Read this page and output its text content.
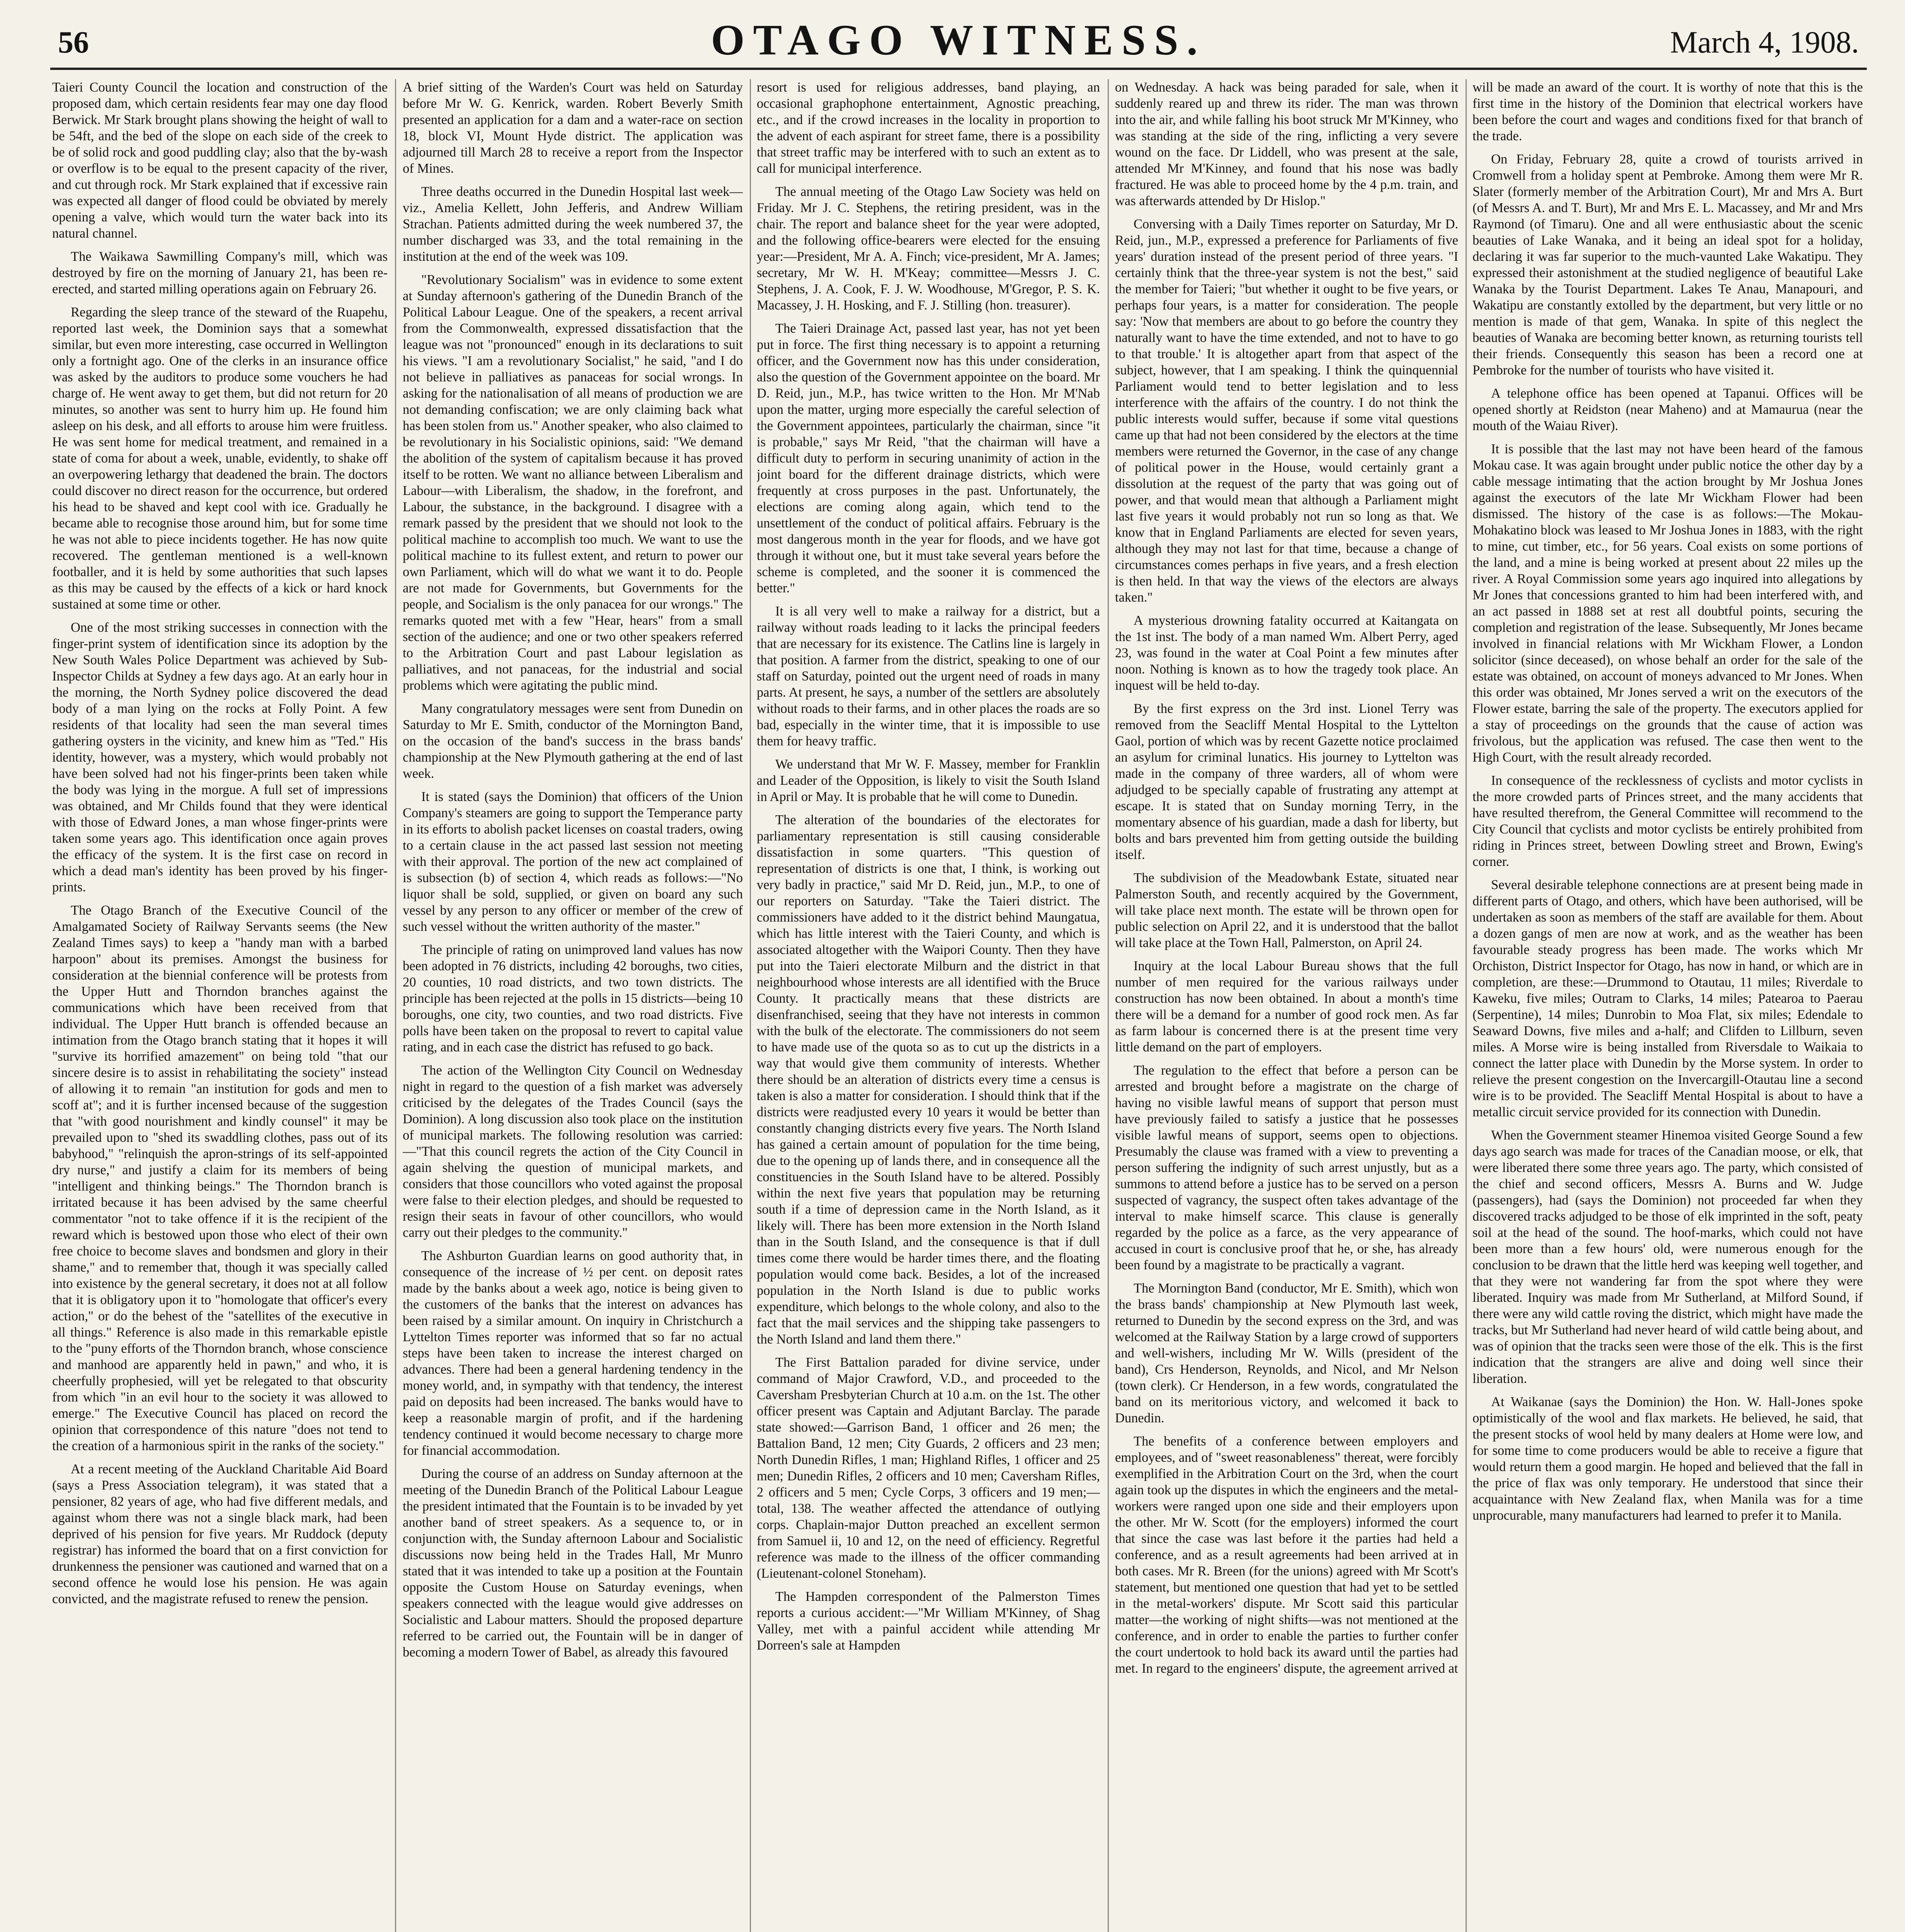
56	OTAGO WITNESS.	March 4, 1908.

Taieri County Council the location and construction of the proposed dam, which certain residents fear may one day flood Berwick. Mr Stark brought plans showing the height of wall to be 54ft, and the bed of the slope on each side of the creek to be of solid rock and good puddling clay; also that the by-wash or overflow is to be equal to the present capacity of the river, and cut through rock. Mr Stark explained that if excessive rain was expected all danger of flood could be obviated by merely opening a valve, which would turn the water back into its natural channel.

The Waikawa Sawmilling Company's mill, which was destroyed by fire on the morning of January 21, has been re-erected, and started milling operations again on February 26.

Regarding the sleep trance of the steward of the Ruapehu, reported last week, the Dominion says that a somewhat similar, but even more interesting, case occurred in Wellington only a fortnight ago. One of the clerks in an insurance office was asked by the auditors to produce some vouchers he had charge of. He went away to get them, but did not return for 20 minutes, so another was sent to hurry him up. He found him asleep on his desk, and all efforts to arouse him were fruitless. He was sent home for medical treatment, and remained in a state of coma for about a week, unable, evidently, to shake off an overpowering lethargy that deadened the brain. The doctors could discover no direct reason for the occurrence, but ordered his head to be shaved and kept cool with ice. Gradually he became able to recognise those around him, but for some time he was not able to piece incidents together. He has now quite recovered. The gentleman mentioned is a well-known footballer, and it is held by some authorities that such lapses as this may be caused by the effects of a kick or hard knock sustained at some time or other.

One of the most striking successes in connection with the finger-print system of identification since its adoption by the New South Wales Police Department was achieved by Sub-Inspector Childs at Sydney a few days ago. At an early hour in the morning, the North Sydney police discovered the dead body of a man lying on the rocks at Folly Point. A few residents of that locality had seen the man several times gathering oysters in the vicinity, and knew him as "Ted." His identity, however, was a mystery, which would probably not have been solved had not his finger-prints been taken while the body was lying in the morgue. A full set of impressions was obtained, and Mr Childs found that they were identical with those of Edward Jones, a man whose finger-prints were taken some years ago. This identification once again proves the efficacy of the system. It is the first case on record in which a dead man's identity has been proved by his finger-prints.

The Otago Branch of the Executive Council of the Amalgamated Society of Railway Servants seems (the New Zealand Times says) to keep a "handy man with a barbed harpoon" about its premises. Amongst the business for consideration at the biennial conference will be protests from the Upper Hutt and Thorndon branches against the communications which have been received from that individual. The Upper Hutt branch is offended because an intimation from the Otago branch stating that it hopes it will "survive its horrified amazement" on being told "that our sincere desire is to assist in rehabilitating the society" instead of allowing it to remain "an institution for gods and men to scoff at"; and it is further incensed because of the suggestion that "with good nourishment and kindly counsel" it may be prevailed upon to "shed its swaddling clothes, pass out of its babyhood," "relinquish the apron-strings of its self-appointed dry nurse," and justify a claim for its members of being "intelligent and thinking beings." The Thorndon branch is irritated because it has been advised by the same cheerful commentator "not to take offence if it is the recipient of the reward which is bestowed upon those who elect of their own free choice to become slaves and bondsmen and glory in their shame," and to remember that, though it was specially called into existence by the general secretary, it does not at all follow that it is obligatory upon it to "homologate that officer's every action," or do the behest of the "satellites of the executive in all things." Reference is also made in this remarkable epistle to the "puny efforts of the Thorndon branch, whose conscience and manhood are apparently held in pawn," and who, it is cheerfully prophesied, will yet be relegated to that obscurity from which "in an evil hour to the society it was allowed to emerge." The Executive Council has placed on record the opinion that correspondence of this nature "does not tend to the creation of a harmonious spirit in the ranks of the society."

At a recent meeting of the Auckland Charitable Aid Board (says a Press Association telegram), it was stated that a pensioner, 82 years of age, who had five different medals, and against whom there was not a single black mark, had been deprived of his pension for five years. Mr Ruddock (deputy registrar) has informed the board that on a first conviction for drunkenness the pensioner was cautioned and warned that on a second offence he would lose his pension. He was again convicted, and the magistrate refused to renew the pension.

A brief sitting of the Warden's Court was held on Saturday before Mr W. G. Kenrick, warden. Robert Beverly Smith presented an application for a dam and a water-race on section 18, block VI, Mount Hyde district. The application was adjourned till March 28 to receive a report from the Inspector of Mines.

Three deaths occurred in the Dunedin Hospital last week—viz., Amelia Kellett, John Jefferis, and Andrew William Strachan. Patients admitted during the week numbered 37, the number discharged was 33, and the total remaining in the institution at the end of the week was 109.

"Revolutionary Socialism" was in evidence to some extent at Sunday afternoon's gathering of the Dunedin Branch of the Political Labour League. One of the speakers, a recent arrival from the Commonwealth, expressed dissatisfaction that the league was not "pronounced" enough in its declarations to suit his views. "I am a revolutionary Socialist," he said, "and I do not believe in palliatives as panaceas for social wrongs. In asking for the nationalisation of all means of production we are not demanding confiscation; we are only claiming back what has been stolen from us." Another speaker, who also claimed to be revolutionary in his Socialistic opinions, said: "We demand the abolition of the system of capitalism because it has proved itself to be rotten. We want no alliance between Liberalism and Labour—with Liberalism, the shadow, in the forefront, and Labour, the substance, in the background. I disagree with a remark passed by the president that we should not look to the political machine to accomplish too much. We want to use the political machine to its fullest extent, and return to power our own Parliament, which will do what we want it to do. People are not made for Governments, but Governments for the people, and Socialism is the only panacea for our wrongs." The remarks quoted met with a few "Hear, hears" from a small section of the audience; and one or two other speakers referred to the Arbitration Court and past Labour legislation as palliatives, and not panaceas, for the industrial and social problems which were agitating the public mind.

Many congratulatory messages were sent from Dunedin on Saturday to Mr E. Smith, conductor of the Mornington Band, on the occasion of the band's success in the brass bands' championship at the New Plymouth gathering at the end of last week.

It is stated (says the Dominion) that officers of the Union Company's steamers are going to support the Temperance party in its efforts to abolish packet licenses on coastal traders, owing to a certain clause in the act passed last session not meeting with their approval. The portion of the new act complained of is subsection (b) of section 4, which reads as follows:—"No liquor shall be sold, supplied, or given on board any such vessel by any person to any officer or member of the crew of such vessel without the written authority of the master."

The principle of rating on unimproved land values has now been adopted in 76 districts, including 42 boroughs, two cities, 20 counties, 10 road districts, and two town districts. The principle has been rejected at the polls in 15 districts—being 10 boroughs, one city, two counties, and two road districts. Five polls have been taken on the proposal to revert to capital value rating, and in each case the district has refused to go back.

The action of the Wellington City Council on Wednesday night in regard to the question of a fish market was adversely criticised by the delegates of the Trades Council (says the Dominion). A long discussion also took place on the institution of municipal markets. The following resolution was carried:—"That this council regrets the action of the City Council in again shelving the question of municipal markets, and considers that those councillors who voted against the proposal were false to their election pledges, and should be requested to resign their seats in favour of other councillors, who would carry out their pledges to the community."

The Ashburton Guardian learns on good authority that, in consequence of the increase of ½ per cent. on deposit rates made by the banks about a week ago, notice is being given to the customers of the banks that the interest on advances has been raised by a similar amount. On inquiry in Christchurch a Lyttelton Times reporter was informed that so far no actual steps have been taken to increase the interest charged on advances. There had been a general hardening tendency in the money world, and, in sympathy with that tendency, the interest paid on deposits had been increased. The banks would have to keep a reasonable margin of profit, and if the hardening tendency continued it would become necessary to charge more for financial accommodation.

During the course of an address on Sunday afternoon at the meeting of the Dunedin Branch of the Political Labour League the president intimated that the Fountain is to be invaded by yet another band of street speakers. As a sequence to, or in conjunction with, the Sunday afternoon Labour and Socialistic discussions now being held in the Trades Hall, Mr Munro stated that it was intended to take up a position at the Fountain opposite the Custom House on Saturday evenings, when speakers connected with the league would give addresses on Socialistic and Labour matters. Should the proposed departure referred to be carried out, the Fountain will be in danger of becoming a modern Tower of Babel, as already this favoured

resort is used for religious addresses, band playing, an occasional graphophone entertainment, Agnostic preaching, etc., and if the crowd increases in the locality in proportion to the advent of each aspirant for street fame, there is a possibility that street traffic may be interfered with to such an extent as to call for municipal interference.

The annual meeting of the Otago Law Society was held on Friday. Mr J. C. Stephens, the retiring president, was in the chair. The report and balance sheet for the year were adopted, and the following office-bearers were elected for the ensuing year:—President, Mr A. A. Finch; vice-president, Mr A. James; secretary, Mr W. H. M'Keay; committee—Messrs J. C. Stephens, J. A. Cook, F. J. W. Woodhouse, M'Gregor, P. S. K. Macassey, J. H. Hosking, and F. J. Stilling (hon. treasurer).

The Taieri Drainage Act, passed last year, has not yet been put in force. The first thing necessary is to appoint a returning officer, and the Government now has this under consideration, also the question of the Government appointee on the board. Mr D. Reid, jun., M.P., has twice written to the Hon. Mr M'Nab upon the matter, urging more especially the careful selection of the Government appointees, particularly the chairman, since "it is probable," says Mr Reid, "that the chairman will have a difficult duty to perform in securing unanimity of action in the joint board for the different drainage districts, which were frequently at cross purposes in the past. Unfortunately, the elections are coming along again, which tend to the unsettlement of the conduct of political affairs. February is the most dangerous month in the year for floods, and we have got through it without one, but it must take several years before the scheme is completed, and the sooner it is commenced the better."

It is all very well to make a railway for a district, but a railway without roads leading to it lacks the principal feeders that are necessary for its existence. The Catlins line is largely in that position. A farmer from the district, speaking to one of our staff on Saturday, pointed out the urgent need of roads in many parts. At present, he says, a number of the settlers are absolutely without roads to their farms, and in other places the roads are so bad, especially in the winter time, that it is impossible to use them for heavy traffic.

We understand that Mr W. F. Massey, member for Franklin and Leader of the Opposition, is likely to visit the South Island in April or May. It is probable that he will come to Dunedin.

The alteration of the boundaries of the electorates for parliamentary representation is still causing considerable dissatisfaction in some quarters. "This question of representation of districts is one that, I think, is working out very badly in practice," said Mr D. Reid, jun., M.P., to one of our reporters on Saturday. "Take the Taieri district. The commissioners have added to it the district behind Maungatua, which has little interest with the Taieri County, and which is associated altogether with the Waipori County. Then they have put into the Taieri electorate Milburn and the district in that neighbourhood whose interests are all identified with the Bruce County. It practically means that these districts are disenfranchised, seeing that they have not interests in common with the bulk of the electorate. The commissioners do not seem to have made use of the quota so as to cut up the districts in a way that would give them community of interests. Whether there should be an alteration of districts every time a census is taken is also a matter for consideration. I should think that if the districts were readjusted every 10 years it would be better than constantly changing districts every five years. The North Island has gained a certain amount of population for the time being, due to the opening up of lands there, and in consequence all the constituencies in the South Island have to be altered. Possibly within the next five years that population may be returning south if a time of depression came in the North Island, as it likely will. There has been more extension in the North Island than in the South Island, and the consequence is that if dull times come there would be harder times there, and the floating population would come back. Besides, a lot of the increased population in the North Island is due to public works expenditure, which belongs to the whole colony, and also to the fact that the mail services and the shipping take passengers to the North Island and land them there."

The First Battalion paraded for divine service, under command of Major Crawford, V.D., and proceeded to the Caversham Presbyterian Church at 10 a.m. on the 1st. The other officer present was Captain and Adjutant Barclay. The parade state showed:—Garrison Band, 1 officer and 26 men; the Battalion Band, 12 men; City Guards, 2 officers and 23 men; North Dunedin Rifles, 1 man; Highland Rifles, 1 officer and 25 men; Dunedin Rifles, 2 officers and 10 men; Caversham Rifles, 2 officers and 5 men; Cycle Corps, 3 officers and 19 men;—total, 138. The weather affected the attendance of outlying corps. Chaplain-major Dutton preached an excellent sermon from Samuel ii, 10 and 12, on the need of efficiency. Regretful reference was made to the illness of the officer commanding (Lieutenant-colonel Stoneham).

The Hampden correspondent of the Palmerston Times reports a curious accident:—"Mr William M'Kinney, of Shag Valley, met with a painful accident while attending Mr Dorreen's sale at Hampden

on Wednesday. A hack was being paraded for sale, when it suddenly reared up and threw its rider. The man was thrown into the air, and while falling his boot struck Mr M'Kinney, who was standing at the side of the ring, inflicting a very severe wound on the face. Dr Liddell, who was present at the sale, attended Mr M'Kinney, and found that his nose was badly fractured. He was able to proceed home by the 4 p.m. train, and was afterwards attended by Dr Hislop."

Conversing with a Daily Times reporter on Saturday, Mr D. Reid, jun., M.P., expressed a preference for Parliaments of five years' duration instead of the present period of three years. "I certainly think that the three-year system is not the best," said the member for Taieri; "but whether it ought to be five years, or perhaps four years, is a matter for consideration. The people say: 'Now that members are about to go before the country they naturally want to have the time extended, and not to have to go to that trouble.' It is altogether apart from that aspect of the subject, however, that I am speaking. I think the quinquennial Parliament would tend to better legislation and to less interference with the affairs of the country. I do not think the public interests would suffer, because if some vital questions came up that had not been considered by the electors at the time members were returned the Governor, in the case of any change of political power in the House, would certainly grant a dissolution at the request of the party that was going out of power, and that would mean that although a Parliament might last five years it would probably not run so long as that. We know that in England Parliaments are elected for seven years, although they may not last for that time, because a change of circumstances comes perhaps in five years, and a fresh election is then held. In that way the views of the electors are always taken."

A mysterious drowning fatality occurred at Kaitangata on the 1st inst. The body of a man named Wm. Albert Perry, aged 23, was found in the water at Coal Point a few minutes after noon. Nothing is known as to how the tragedy took place. An inquest will be held to-day.

By the first express on the 3rd inst. Lionel Terry was removed from the Seacliff Mental Hospital to the Lyttelton Gaol, portion of which was by recent Gazette notice proclaimed an asylum for criminal lunatics. His journey to Lyttelton was made in the company of three warders, all of whom were adjudged to be specially capable of frustrating any attempt at escape. It is stated that on Sunday morning Terry, in the momentary absence of his guardian, made a dash for liberty, but bolts and bars prevented him from getting outside the building itself.

The subdivision of the Meadowbank Estate, situated near Palmerston South, and recently acquired by the Government, will take place next month. The estate will be thrown open for public selection on April 22, and it is understood that the ballot will take place at the Town Hall, Palmerston, on April 24.

Inquiry at the local Labour Bureau shows that the full number of men required for the various railways under construction has now been obtained. In about a month's time there will be a demand for a number of good rock men. As far as farm labour is concerned there is at the present time very little demand on the part of employers.

The regulation to the effect that before a person can be arrested and brought before a magistrate on the charge of having no visible lawful means of support that person must have previously failed to satisfy a justice that he possesses visible lawful means of support, seems open to objections. Presumably the clause was framed with a view to preventing a person suffering the indignity of such arrest unjustly, but as a summons to attend before a justice has to be served on a person suspected of vagrancy, the suspect often takes advantage of the interval to make himself scarce. This clause is generally regarded by the police as a farce, as the very appearance of accused in court is conclusive proof that he, or she, has already been found by a magistrate to be practically a vagrant.

The Mornington Band (conductor, Mr E. Smith), which won the brass bands' championship at New Plymouth last week, returned to Dunedin by the second express on the 3rd, and was welcomed at the Railway Station by a large crowd of supporters and well-wishers, including Mr W. Wills (president of the band), Crs Henderson, Reynolds, and Nicol, and Mr Nelson (town clerk). Cr Henderson, in a few words, congratulated the band on its meritorious victory, and welcomed it back to Dunedin.

The benefits of a conference between employers and employees, and of "sweet reasonableness" thereat, were forcibly exemplified in the Arbitration Court on the 3rd, when the court again took up the disputes in which the engineers and the metal-workers were ranged upon one side and their employers upon the other. Mr W. Scott (for the employers) informed the court that since the case was last before it the parties had held a conference, and as a result agreements had been arrived at in both cases. Mr R. Breen (for the unions) agreed with Mr Scott's statement, but mentioned one question that had yet to be settled in the metal-workers' dispute. Mr Scott said this particular matter—the working of night shifts—was not mentioned at the conference, and in order to enable the parties to further confer the court undertook to hold back its award until the parties had met. In regard to the engineers' dispute, the agreement arrived at

will be made an award of the court. It is worthy of note that this is the first time in the history of the Dominion that electrical workers have been before the court and wages and conditions fixed for that branch of the trade.

On Friday, February 28, quite a crowd of tourists arrived in Cromwell from a holiday spent at Pembroke. Among them were Mr R. Slater (formerly member of the Arbitration Court), Mr and Mrs A. Burt (of Messrs A. and T. Burt), Mr and Mrs E. L. Macassey, and Mr and Mrs Raymond (of Timaru). One and all were enthusiastic about the scenic beauties of Lake Wanaka, and it being an ideal spot for a holiday, declaring it was far superior to the much-vaunted Lake Wakatipu. They expressed their astonishment at the studied negligence of beautiful Lake Wanaka by the Tourist Department. Lakes Te Anau, Manapouri, and Wakatipu are constantly extolled by the department, but very little or no mention is made of that gem, Wanaka. In spite of this neglect the beauties of Wanaka are becoming better known, as returning tourists tell their friends. Consequently this season has been a record one at Pembroke for the number of tourists who have visited it.

A telephone office has been opened at Tapanui. Offices will be opened shortly at Reidston (near Maheno) and at Mamaurua (near the mouth of the Waiau River).

It is possible that the last may not have been heard of the famous Mokau case. It was again brought under public notice the other day by a cable message intimating that the action brought by Mr Joshua Jones against the executors of the late Mr Wickham Flower had been dismissed. The history of the case is as follows:—The Mokau-Mohakatino block was leased to Mr Joshua Jones in 1883, with the right to mine, cut timber, etc., for 56 years. Coal exists on some portions of the land, and a mine is being worked at present about 22 miles up the river. A Royal Commission some years ago inquired into allegations by Mr Jones that concessions granted to him had been interfered with, and an act passed in 1888 set at rest all doubtful points, securing the completion and registration of the lease. Subsequently, Mr Jones became involved in financial relations with Mr Wickham Flower, a London solicitor (since deceased), on whose behalf an order for the sale of the estate was obtained, on account of moneys advanced to Mr Jones. When this order was obtained, Mr Jones served a writ on the executors of the Flower estate, barring the sale of the property. The executors applied for a stay of proceedings on the grounds that the cause of action was frivolous, but the application was refused. The case then went to the High Court, with the result already recorded.

In consequence of the recklessness of cyclists and motor cyclists in the more crowded parts of Princes street, and the many accidents that have resulted therefrom, the General Committee will recommend to the City Council that cyclists and motor cyclists be entirely prohibited from riding in Princes street, between Dowling street and Brown, Ewing's corner.

Several desirable telephone connections are at present being made in different parts of Otago, and others, which have been authorised, will be undertaken as soon as members of the staff are available for them. About a dozen gangs of men are now at work, and as the weather has been favourable steady progress has been made. The works which Mr Orchiston, District Inspector for Otago, has now in hand, or which are in completion, are these:—Drummond to Otautau, 11 miles; Riverdale to Kaweku, five miles; Outram to Clarks, 14 miles; Patearoa to Paerau (Serpentine), 14 miles; Dunrobin to Moa Flat, six miles; Edendale to Seaward Downs, five miles and a-half; and Clifden to Lillburn, seven miles. A Morse wire is being installed from Riversdale to Waikaia to connect the latter place with Dunedin by the Morse system. In order to relieve the present congestion on the Invercargill-Otautau line a second wire is to be provided. The Seacliff Mental Hospital is about to have a metallic circuit service provided for its connection with Dunedin.

When the Government steamer Hinemoa visited George Sound a few days ago search was made for traces of the Canadian moose, or elk, that were liberated there some three years ago. The party, which consisted of the chief and second officers, Messrs A. Burns and W. Judge (passengers), had (says the Dominion) not proceeded far when they discovered tracks adjudged to be those of elk imprinted in the soft, peaty soil at the head of the sound. The hoof-marks, which could not have been more than a few hours' old, were numerous enough for the conclusion to be drawn that the little herd was keeping well together, and that they were not wandering far from the spot where they were liberated. Inquiry was made from Mr Sutherland, at Milford Sound, if there were any wild cattle roving the district, which might have made the tracks, but Mr Sutherland had never heard of wild cattle being about, and was of opinion that the tracks seen were those of the elk. This is the first indication that the strangers are alive and doing well since their liberation.

At Waikanae (says the Dominion) the Hon. W. Hall-Jones spoke optimistically of the wool and flax markets. He believed, he said, that the present stocks of wool held by many dealers at Home were low, and for some time to come producers would be able to receive a figure that would return them a good margin. He hoped and believed that the fall in the price of flax was only temporary. He understood that since their acquaintance with New Zealand flax, when Manila was for a time unprocurable, many manufacturers had learned to prefer it to Manila.
